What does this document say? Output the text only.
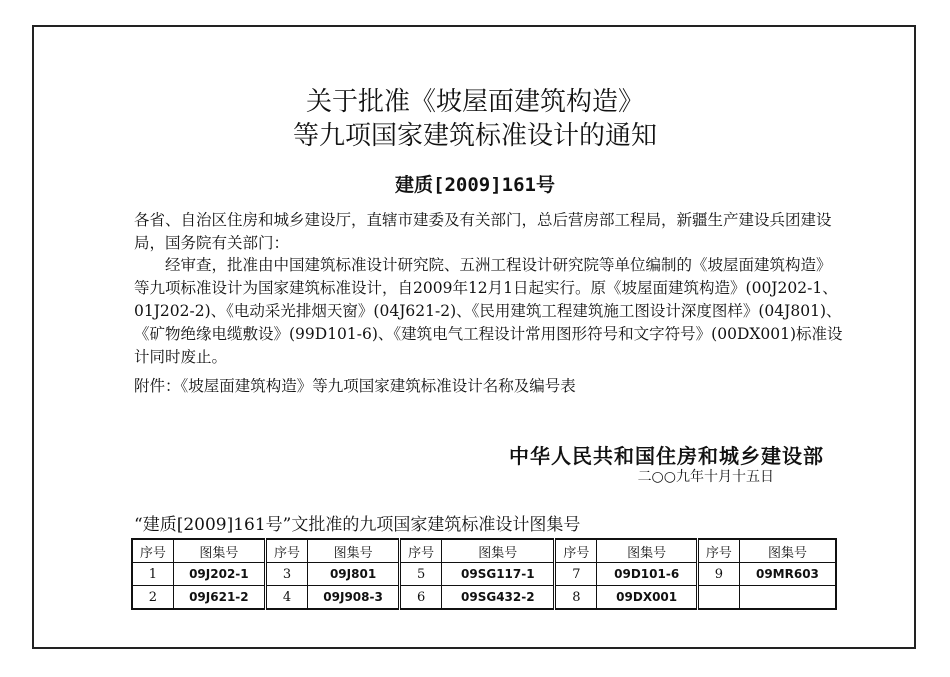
关于批准《坡屋面建筑构造》
等九项国家建筑标准设计的通知
建质[2009]161号
各省、自治区住房和城乡建设厅，直辖市建委及有关部门，总后营房部工程局，新疆生产建设兵团建设局，国务院有关部门：
经审查，批准由中国建筑标准设计研究院、五洲工程设计研究院等单位编制的《坡屋面建筑构造》等九项标准设计为国家建筑标准设计，自2009年12月1日起实行。原《坡屋面建筑构造》(00J202-1、01J202-2)、《电动采光排烟天窗》(04J621-2)、《民用建筑工程建筑施工图设计深度图样》(04J801)、《矿物绝缘电缆敷设》(99D101-6)、《建筑电气工程设计常用图形符号和文字符号》(00DX001)标准设计同时废止。
附件：《坡屋面建筑构造》等九项国家建筑标准设计名称及编号表
中华人民共和国住房和城乡建设部
二○○九年十月十五日
“建质[2009]161号”文批准的九项国家建筑标准设计图集号
序号	图集号	序号	图集号	序号	图集号	序号	图集号	序号	图集号
1	09J202-1	3	09J801	5	09SG117-1	7	09D101-6	9	09MR603
2	09J621-2	4	09J908-3	6	09SG432-2	8	09DX001		
